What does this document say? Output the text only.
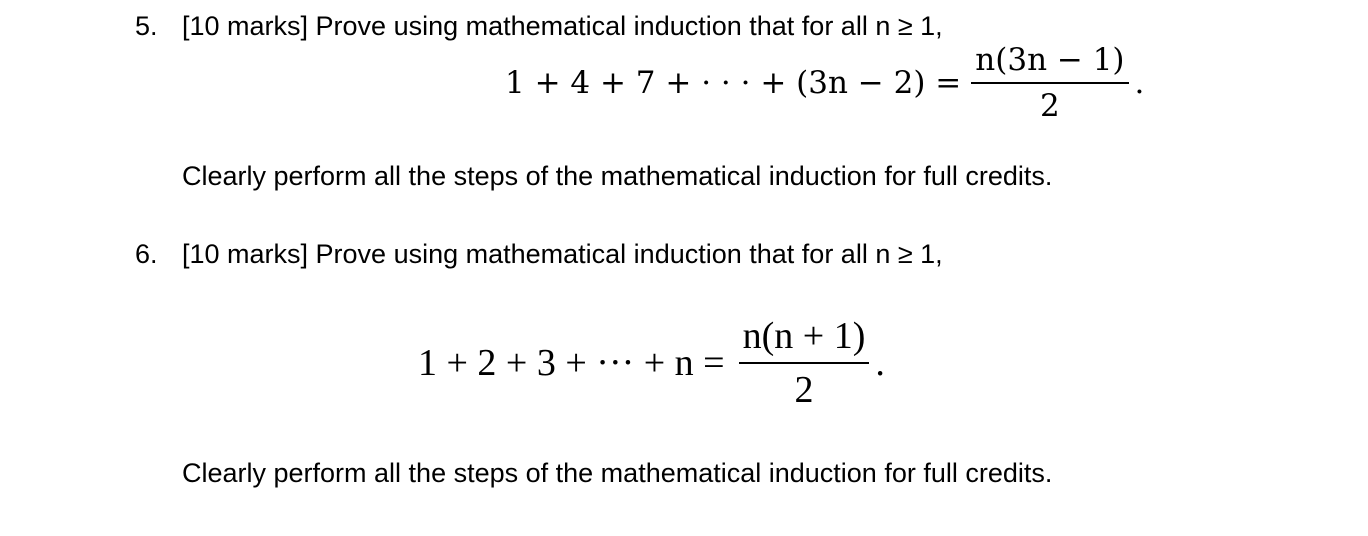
5. [10 marks] Prove using mathematical induction that for all n ≥ 1,
1 + 4 + 7 + · · · + $(3n - 2) = \frac{n(3n - 1)}{2}$ .
Clearly perform all the steps of the mathematical induction for full credits.
6. [10 marks] Prove using mathematical induction that for all n ≥ 1,
1 + 2 + 3 + ··· + $n = \frac{n(n + 1)}{2}$ .
Clearly perform all the steps of the mathematical induction for full credits.
